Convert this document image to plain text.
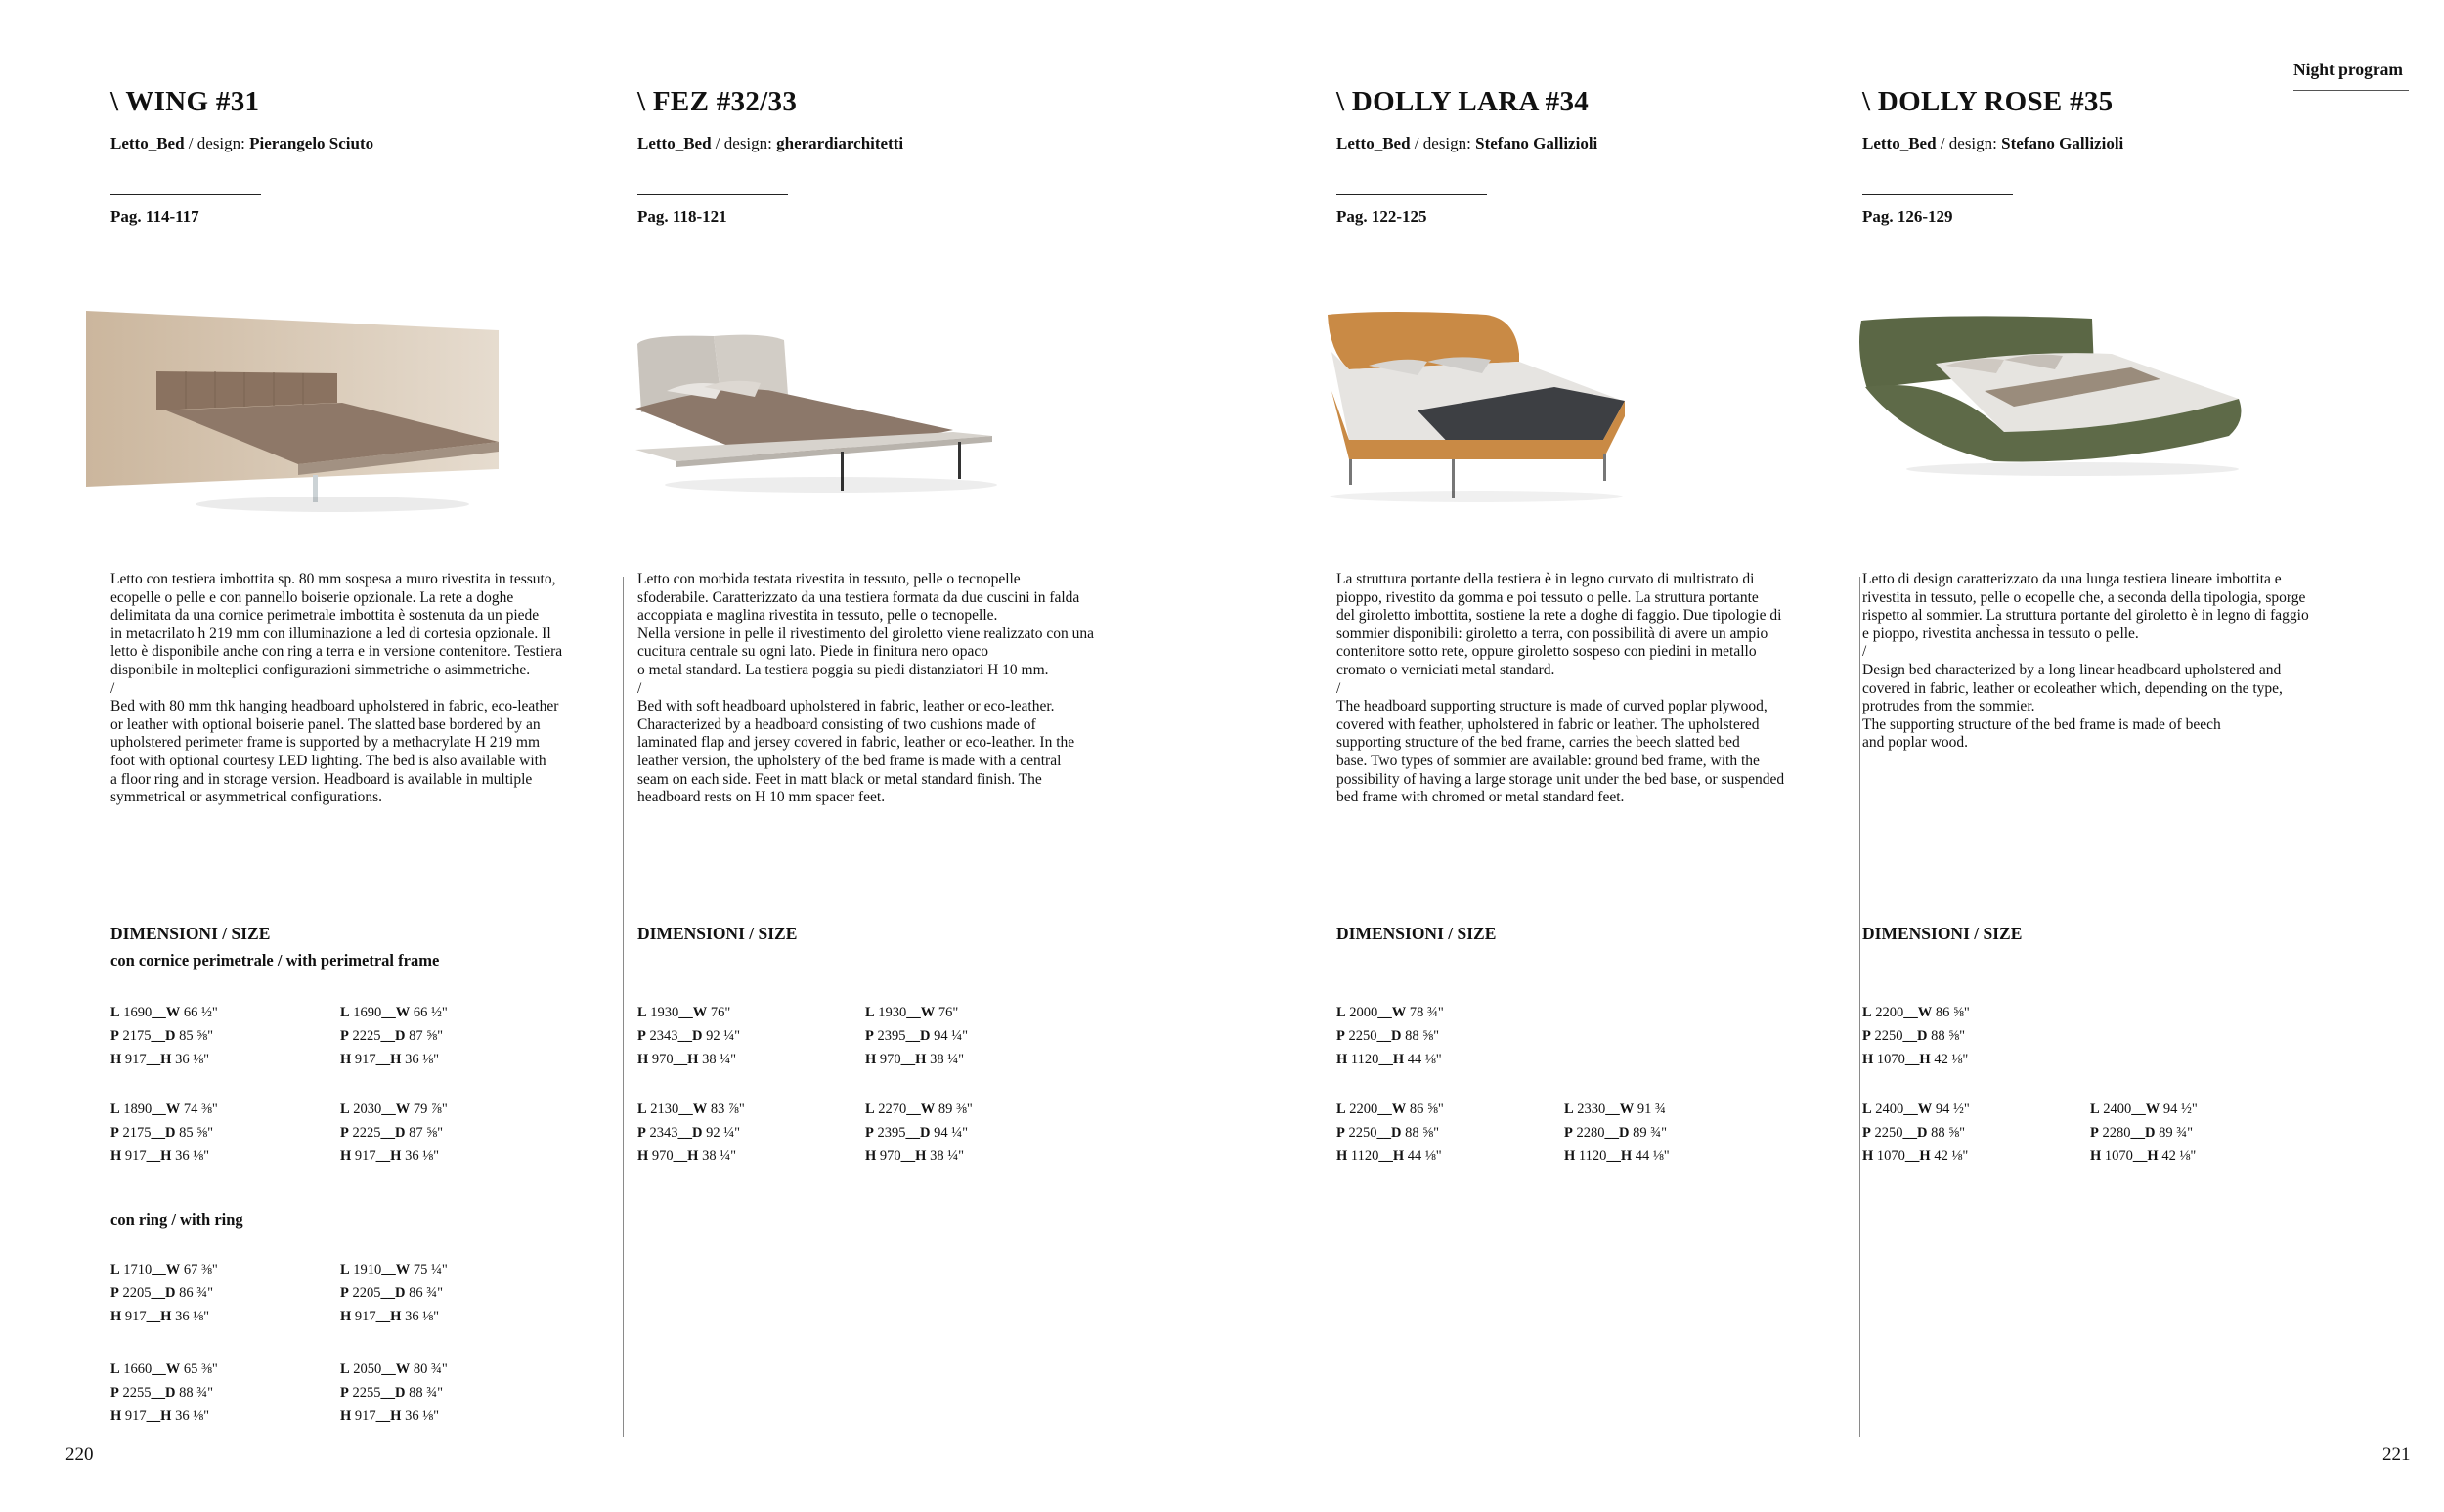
Night program
220	221
\ WING #31
Letto_Bed / design: Pierangelo Sciuto
Pag. 114-117
Letto con testiera imbottita sp. 80 mm sospesa a muro rivestita in tessuto,
ecopelle o pelle e con pannello boiserie opzionale. La rete a doghe
delimitata da una cornice perimetrale imbottita è sostenuta da un piede
in metacrilato h 219 mm con illuminazione a led di cortesia opzionale. Il
letto è disponibile anche con ring a terra e in versione contenitore. Testiera
disponibile in molteplici configurazioni simmetriche o asimmetriche.
/
Bed with 80 mm thk hanging headboard upholstered in fabric, eco-leather
or leather with optional boiserie panel. The slatted base bordered by an
upholstered perimeter frame is supported by a methacrylate H 219 mm
foot with optional courtesy LED lighting. The bed is also available with
a floor ring and in storage version. Headboard is available in multiple
symmetrical or asymmetrical configurations.
DIMENSIONI / SIZE
con cornice perimetrale / with perimetral frame
L 1690__W 66 ½"
P 2175__D 85 ⅝"
H 917__H 36 ⅛"
L 1690__W 66 ½"
P 2225__D 87 ⅝"
H 917__H 36 ⅛"
L 1890__W 74 ⅜"
P 2175__D 85 ⅝"
H 917__H 36 ⅛"
L 2030__W 79 ⅞"
P 2225__D 87 ⅝"
H 917__H 36 ⅛"
con ring / with ring
L 1710__W 67 ⅜"
P 2205__D 86 ¾"
H 917__H 36 ⅛"
L 1910__W 75 ¼"
P 2205__D 86 ¾"
H 917__H 36 ⅛"
L 1660__W 65 ⅜"
P 2255__D 88 ¾"
H 917__H 36 ⅛"
L 2050__W 80 ¾"
P 2255__D 88 ¾"
H 917__H 36 ⅛"
\ FEZ #32/33
Letto_Bed / design: gherardiarchitetti
Pag. 118-121
Letto con morbida testata rivestita in tessuto, pelle o tecnopelle
sfoderabile. Caratterizzato da una testiera formata da due cuscini in falda
accoppiata e maglina rivestita in tessuto, pelle o tecnopelle.
Nella versione in pelle il rivestimento del giroletto viene realizzato con una
cucitura centrale su ogni lato. Piede in finitura nero opaco
o metal standard. La testiera poggia su piedi distanziatori H 10 mm.
/
Bed with soft headboard upholstered in fabric, leather or eco-leather.
Characterized by a headboard consisting of two cushions made of
laminated flap and jersey covered in fabric, leather or eco-leather. In the
leather version, the upholstery of the bed frame is made with a central
seam on each side. Feet in matt black or metal standard finish. The
headboard rests on H 10 mm spacer feet.
DIMENSIONI / SIZE
L 1930__W 76"
P 2343__D 92 ¼"
H 970__H 38 ¼"
L 1930__W 76"
P 2395__D 94 ¼"
H 970__H 38 ¼"
L 2130__W 83 ⅞"
P 2343__D 92 ¼"
H 970__H 38 ¼"
L 2270__W 89 ⅜"
P 2395__D 94 ¼"
H 970__H 38 ¼"
\ DOLLY LARA #34
Letto_Bed / design: Stefano Gallizioli
Pag. 122-125
La struttura portante della testiera è in legno curvato di multistrato di
pioppo, rivestito da gomma e poi tessuto o pelle. La struttura portante
del giroletto imbottita, sostiene la rete a doghe di faggio. Due tipologie di
sommier disponibili: giroletto a terra, con possibilità di avere un ampio
contenitore sotto rete, oppure giroletto sospeso con piedini in metallo
cromato o verniciati metal standard.
/
The headboard supporting structure is made of curved poplar plywood,
covered with feather, upholstered in fabric or leather. The upholstered
supporting structure of the bed frame, carries the beech slatted bed
base. Two types of sommier are available: ground bed frame, with the
possibility of having a large storage unit under the bed base, or suspended
bed frame with chromed or metal standard feet.
DIMENSIONI / SIZE
L 2000__W 78 ¾"
P 2250__D 88 ⅝"
H 1120__H 44 ⅛"
L 2200__W 86 ⅝"
P 2250__D 88 ⅝"
H 1120__H 44 ⅛"
L 2330__W 91 ¾
P 2280__D 89 ¾"
H 1120__H 44 ⅛"
\ DOLLY ROSE #35
Letto_Bed / design: Stefano Gallizioli
Pag. 126-129
Letto di design caratterizzato da una lunga testiera lineare imbottita e
rivestita in tessuto, pelle o ecopelle che, a seconda della tipologia, sporge
rispetto al sommier. La struttura portante del giroletto è in legno di faggio
e pioppo, rivestita anch̀essa in tessuto o pelle.
/
Design bed characterized by a long linear headboard upholstered and
covered in fabric, leather or ecoleather which, depending on the type,
protrudes from the sommier.
The supporting structure of the bed frame is made of beech
and poplar wood.
DIMENSIONI / SIZE
L 2200__W 86 ⅝"
P 2250__D 88 ⅝"
H 1070__H 42 ⅛"
L 2400__W 94 ½"
P 2250__D 88 ⅝"
H 1070__H 42 ⅛"
L 2400__W 94 ½"
P 2280__D 89 ¾"
H 1070__H 42 ⅛"
